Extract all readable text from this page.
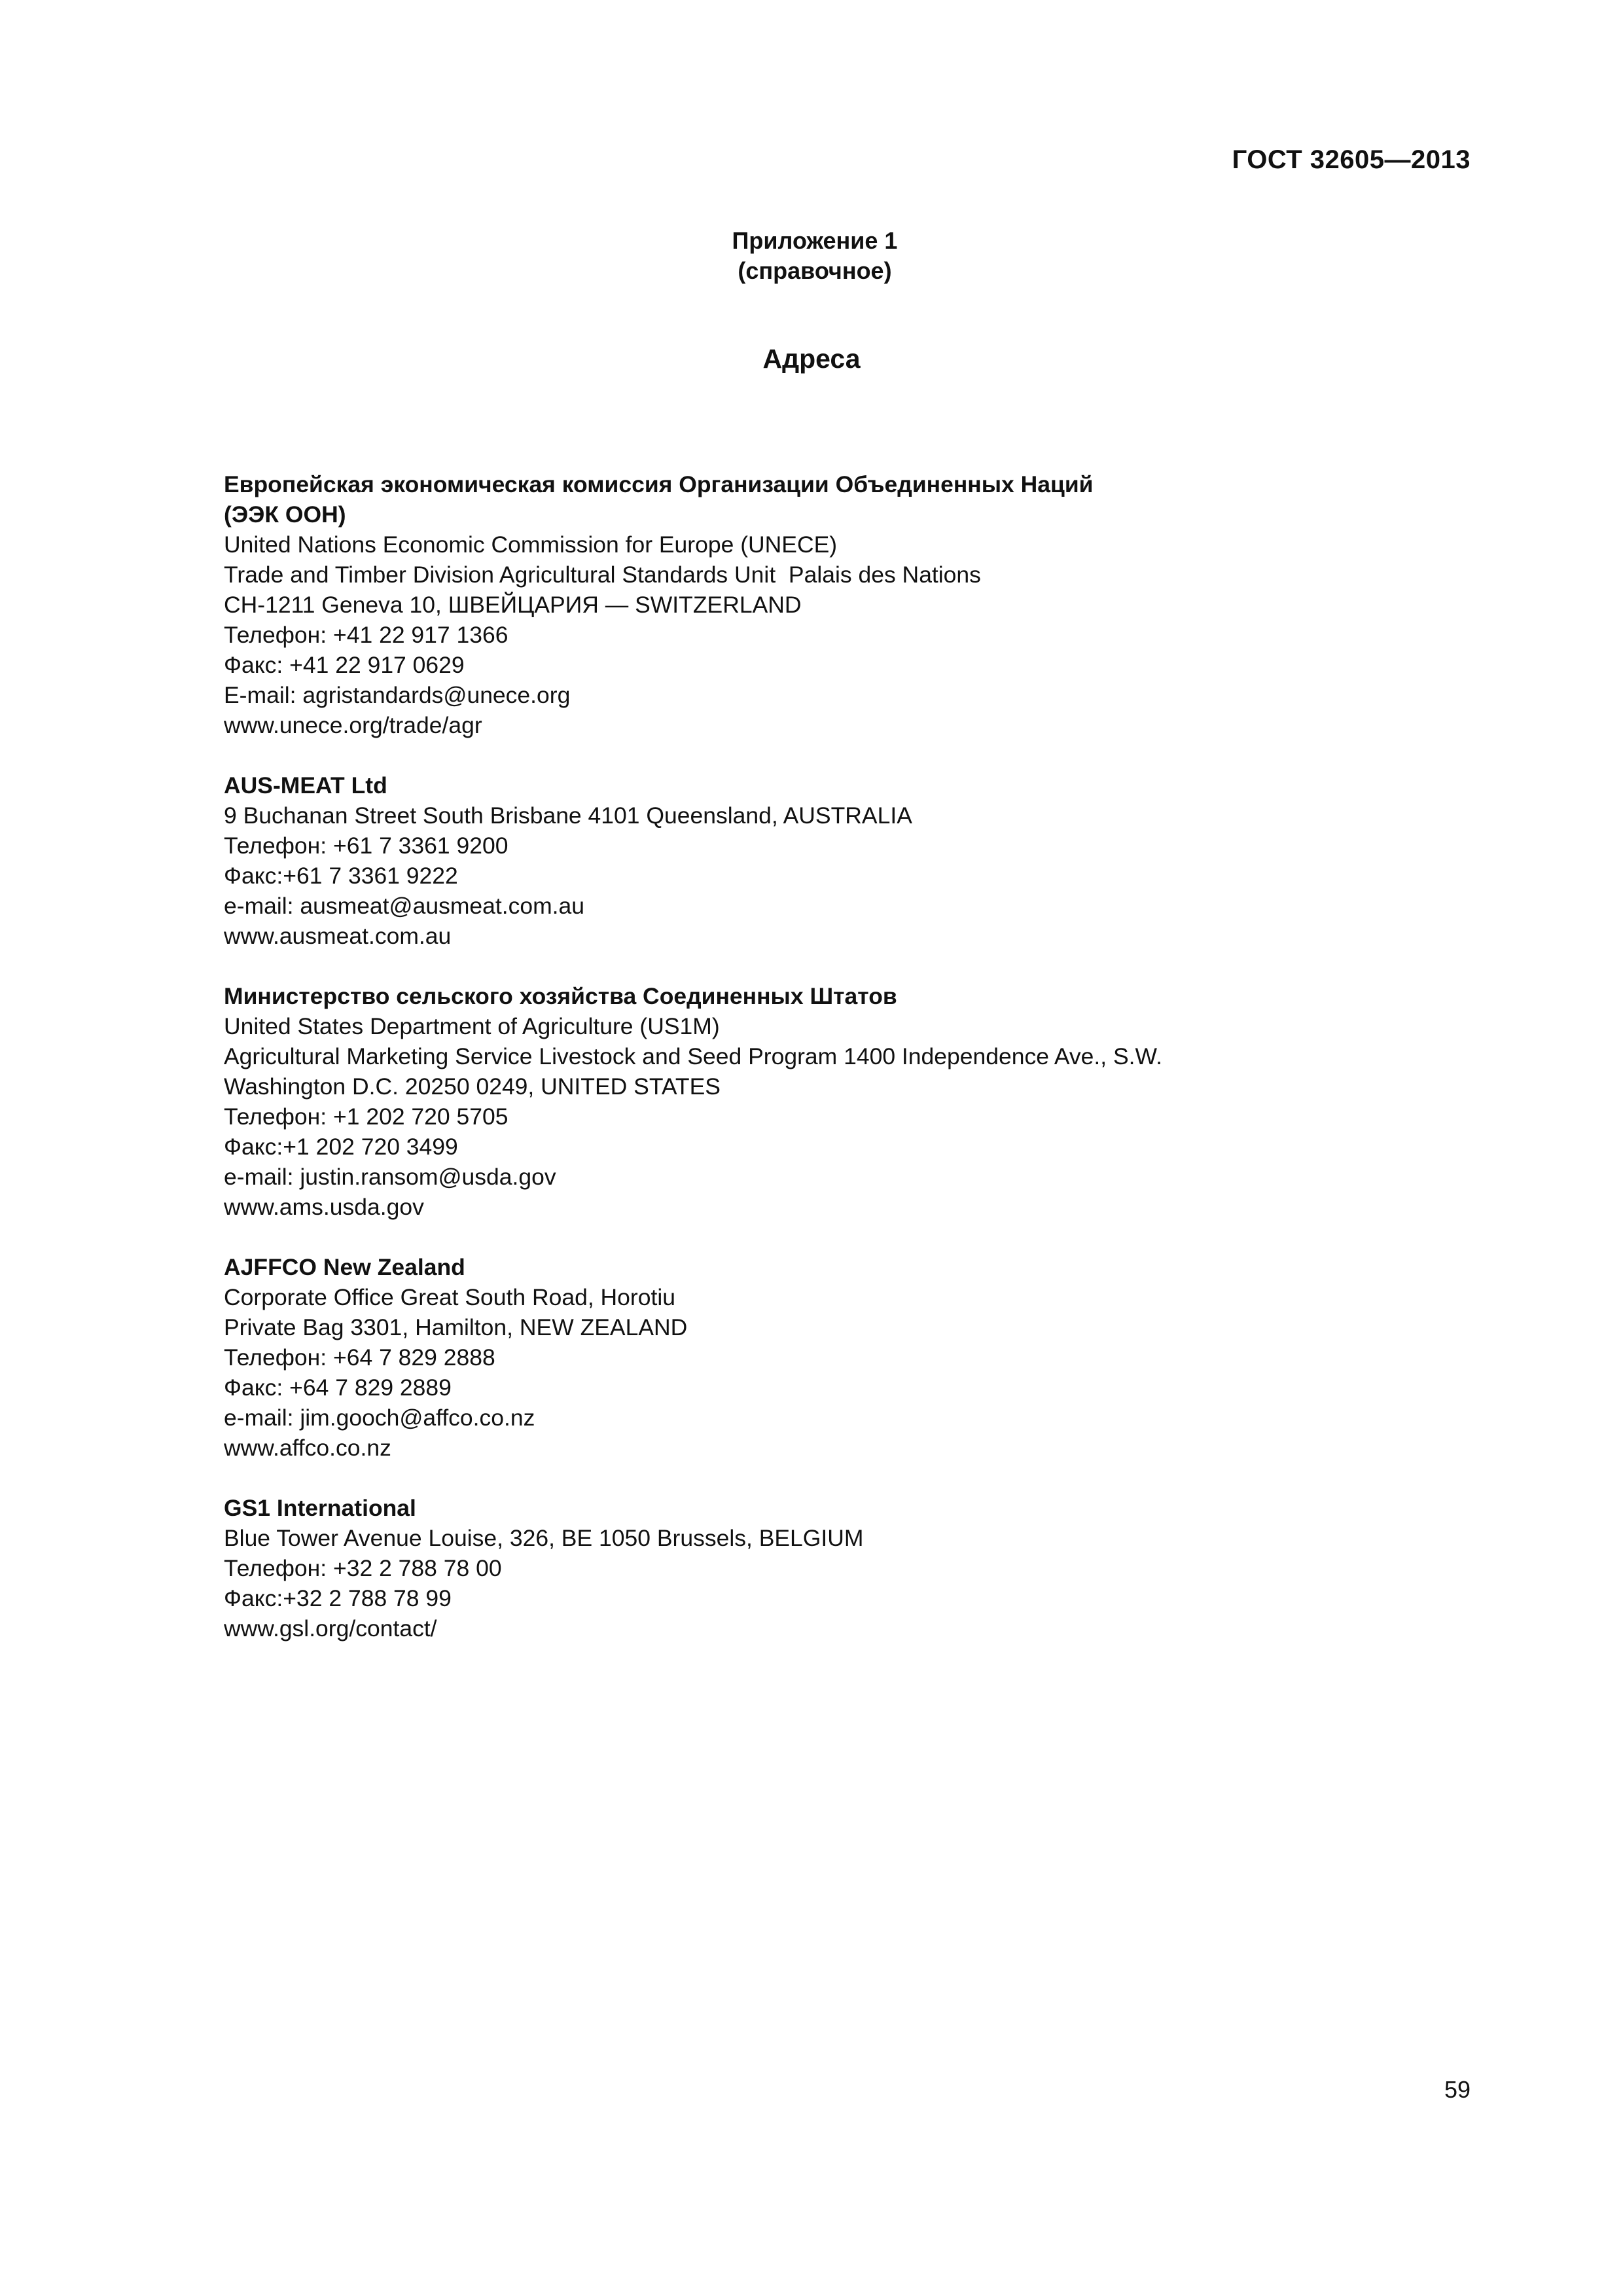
ГОСТ 32605—2013
Приложение 1
(справочное)
Адреса
Европейская экономическая комиссия Организации Объединенных Наций
(ЭЭК ООН)
United Nations Economic Commission for Europe (UNECE)
Trade and Timber Division Agricultural Standards Unit  Palais des Nations
CH-1211 Geneva 10, ШВЕЙЦАРИЯ — SWITZERLAND
Телефон: +41 22 917 1366
Факс: +41 22 917 0629
E-mail: agristandards@unece.org
www.unece.org/trade/agr
AUS-MEAT Ltd
9 Buchanan Street South Brisbane 4101 Queensland, AUSTRALIA
Телефон: +61 7 3361 9200
Факс:+61 7 3361 9222
e-mail: ausmeat@ausmeat.com.au
www.ausmeat.com.au
Министерство сельского хозяйства Соединенных Штатов
United States Department of Agriculture (US1M)
Agricultural Marketing Service Livestock and Seed Program 1400 Independence Ave., S.W.
Washington D.C. 20250 0249, UNITED STATES
Телефон: +1 202 720 5705
Факс:+1 202 720 3499
e-mail: justin.ransom@usda.gov
www.ams.usda.gov
AJFFCO New Zealand
Corporate Office Great South Road, Horotiu
Private Bag 3301, Hamilton, NEW ZEALAND
Телефон: +64 7 829 2888
Факс: +64 7 829 2889
e-mail: jim.gooch@affco.co.nz
www.affco.co.nz
GS1 International
Blue Tower Avenue Louise, 326, BE 1050 Brussels, BELGIUM
Телефон: +32 2 788 78 00
Факс:+32 2 788 78 99
www.gsl.org/contact/
59
